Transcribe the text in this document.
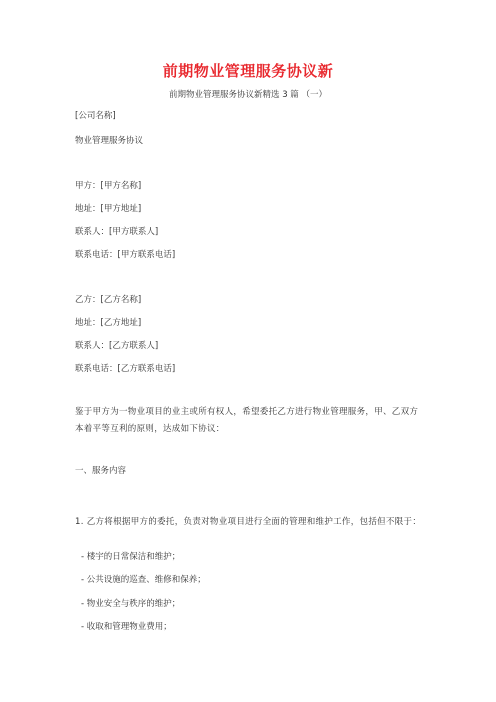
前期物业管理服务协议新
前期物业管理服务协议新精选 3 篇 （一）
[公司名称]
物业管理服务协议
甲方：[甲方名称]
地址：[甲方地址]
联系人：[甲方联系人]
联系电话：[甲方联系电话]
乙方：[乙方名称]
地址：[乙方地址]
联系人：[乙方联系人]
联系电话：[乙方联系电话]
鉴于甲方为一物业项目的业主或所有权人，希望委托乙方进行物业管理服务，甲、乙双方本着平等互利的原则，达成如下协议：
一、服务内容
1. 乙方将根据甲方的委托，负责对物业项目进行全面的管理和维护工作，包括但不限于：
- 楼宇的日常保洁和维护；
- 公共设施的巡查、维修和保养；
- 物业安全与秩序的维护；
- 收取和管理物业费用；
